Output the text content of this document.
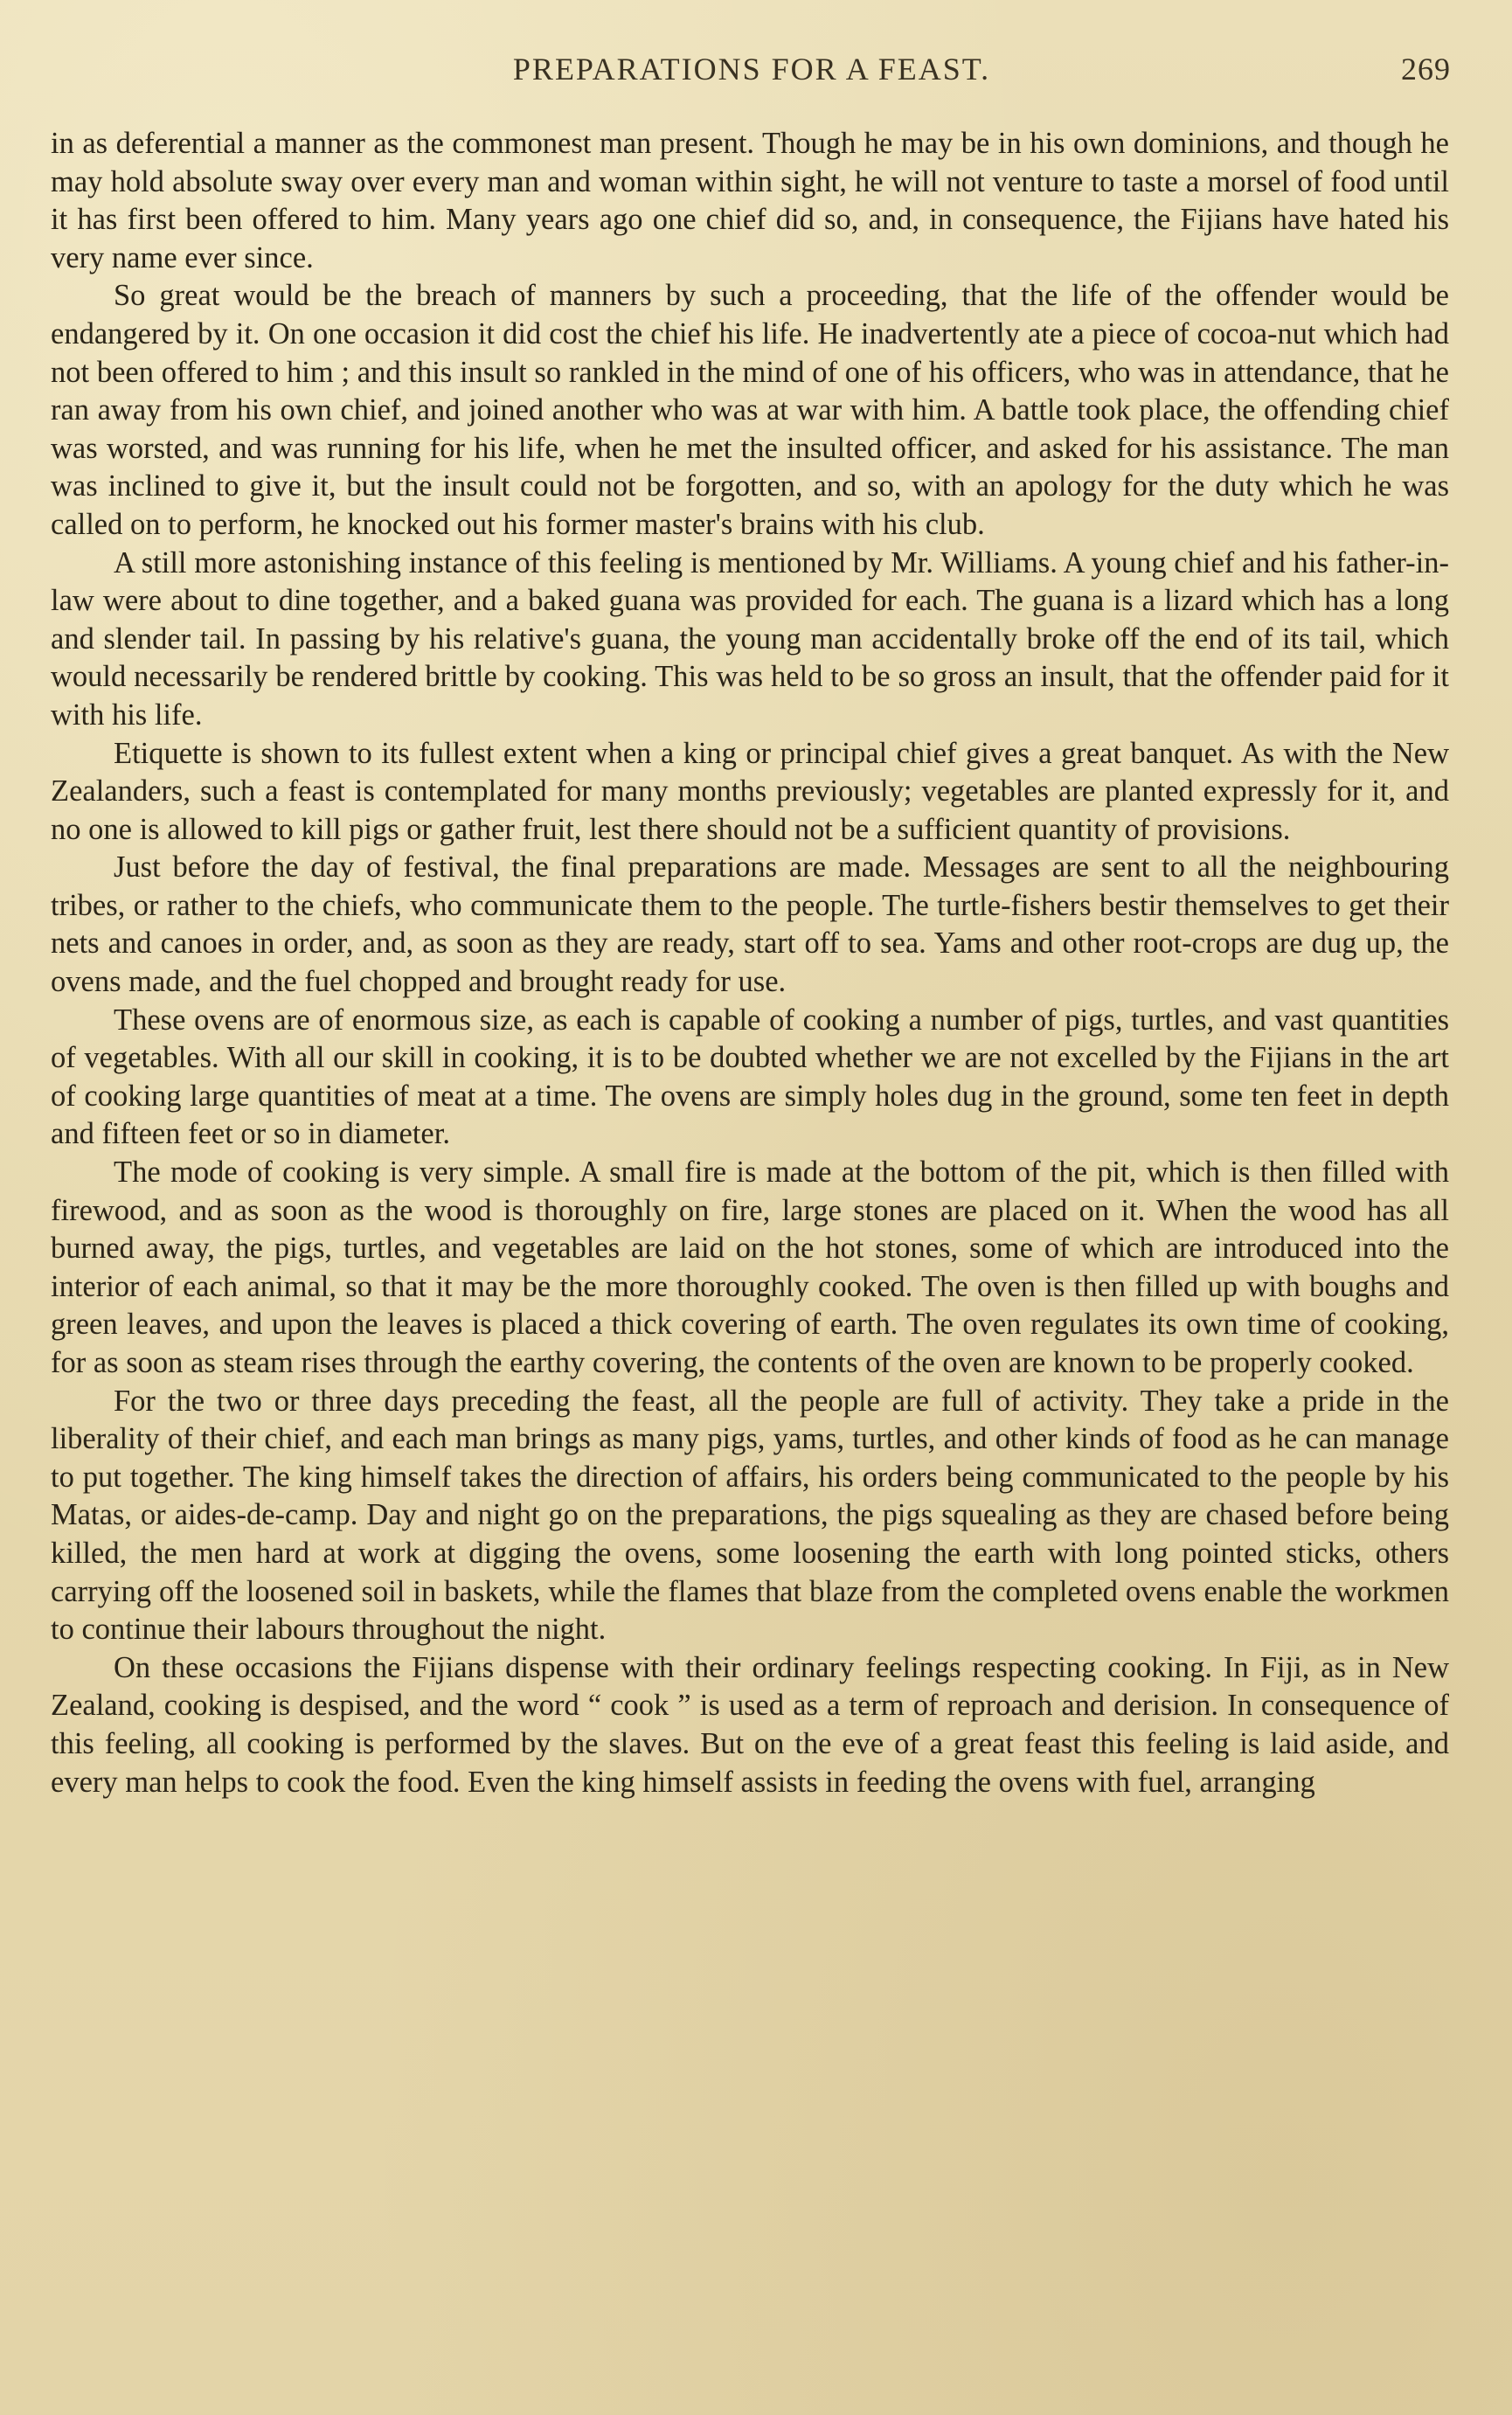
PREPARATIONS FOR A FEAST.	269

in as deferential a manner as the commonest man present. Though he may be in his own dominions, and though he may hold absolute sway over every man and woman within sight, he will not venture to taste a morsel of food until it has first been offered to him. Many years ago one chief did so, and, in consequence, the Fijians have hated his very name ever since.

So great would be the breach of manners by such a proceeding, that the life of the offender would be endangered by it. On one occasion it did cost the chief his life. He inadvertently ate a piece of cocoa-nut which had not been offered to him ; and this insult so rankled in the mind of one of his officers, who was in attendance, that he ran away from his own chief, and joined another who was at war with him. A battle took place, the offending chief was worsted, and was running for his life, when he met the insulted officer, and asked for his assistance. The man was inclined to give it, but the insult could not be forgotten, and so, with an apology for the duty which he was called on to perform, he knocked out his former master's brains with his club.

A still more astonishing instance of this feeling is mentioned by Mr. Williams. A young chief and his father-in-law were about to dine together, and a baked guana was provided for each. The guana is a lizard which has a long and slender tail. In passing by his relative's guana, the young man accidentally broke off the end of its tail, which would necessarily be rendered brittle by cooking. This was held to be so gross an insult, that the offender paid for it with his life.

Etiquette is shown to its fullest extent when a king or principal chief gives a great banquet. As with the New Zealanders, such a feast is contemplated for many months previously; vegetables are planted expressly for it, and no one is allowed to kill pigs or gather fruit, lest there should not be a sufficient quantity of provisions.

Just before the day of festival, the final preparations are made. Messages are sent to all the neighbouring tribes, or rather to the chiefs, who communicate them to the people. The turtle-fishers bestir themselves to get their nets and canoes in order, and, as soon as they are ready, start off to sea. Yams and other root-crops are dug up, the ovens made, and the fuel chopped and brought ready for use.

These ovens are of enormous size, as each is capable of cooking a number of pigs, turtles, and vast quantities of vegetables. With all our skill in cooking, it is to be doubted whether we are not excelled by the Fijians in the art of cooking large quantities of meat at a time. The ovens are simply holes dug in the ground, some ten feet in depth and fifteen feet or so in diameter.

The mode of cooking is very simple. A small fire is made at the bottom of the pit, which is then filled with firewood, and as soon as the wood is thoroughly on fire, large stones are placed on it. When the wood has all burned away, the pigs, turtles, and vegetables are laid on the hot stones, some of which are introduced into the interior of each animal, so that it may be the more thoroughly cooked. The oven is then filled up with boughs and green leaves, and upon the leaves is placed a thick covering of earth. The oven regulates its own time of cooking, for as soon as steam rises through the earthy covering, the contents of the oven are known to be properly cooked.

For the two or three days preceding the feast, all the people are full of activity. They take a pride in the liberality of their chief, and each man brings as many pigs, yams, turtles, and other kinds of food as he can manage to put together. The king himself takes the direction of affairs, his orders being communicated to the people by his Matas, or aides-de-camp. Day and night go on the preparations, the pigs squealing as they are chased before being killed, the men hard at work at digging the ovens, some loosening the earth with long pointed sticks, others carrying off the loosened soil in baskets, while the flames that blaze from the completed ovens enable the workmen to continue their labours throughout the night.

On these occasions the Fijians dispense with their ordinary feelings respecting cooking. In Fiji, as in New Zealand, cooking is despised, and the word “ cook ” is used as a term of reproach and derision. In consequence of this feeling, all cooking is performed by the slaves. But on the eve of a great feast this feeling is laid aside, and every man helps to cook the food. Even the king himself assists in feeding the ovens with fuel, arranging
